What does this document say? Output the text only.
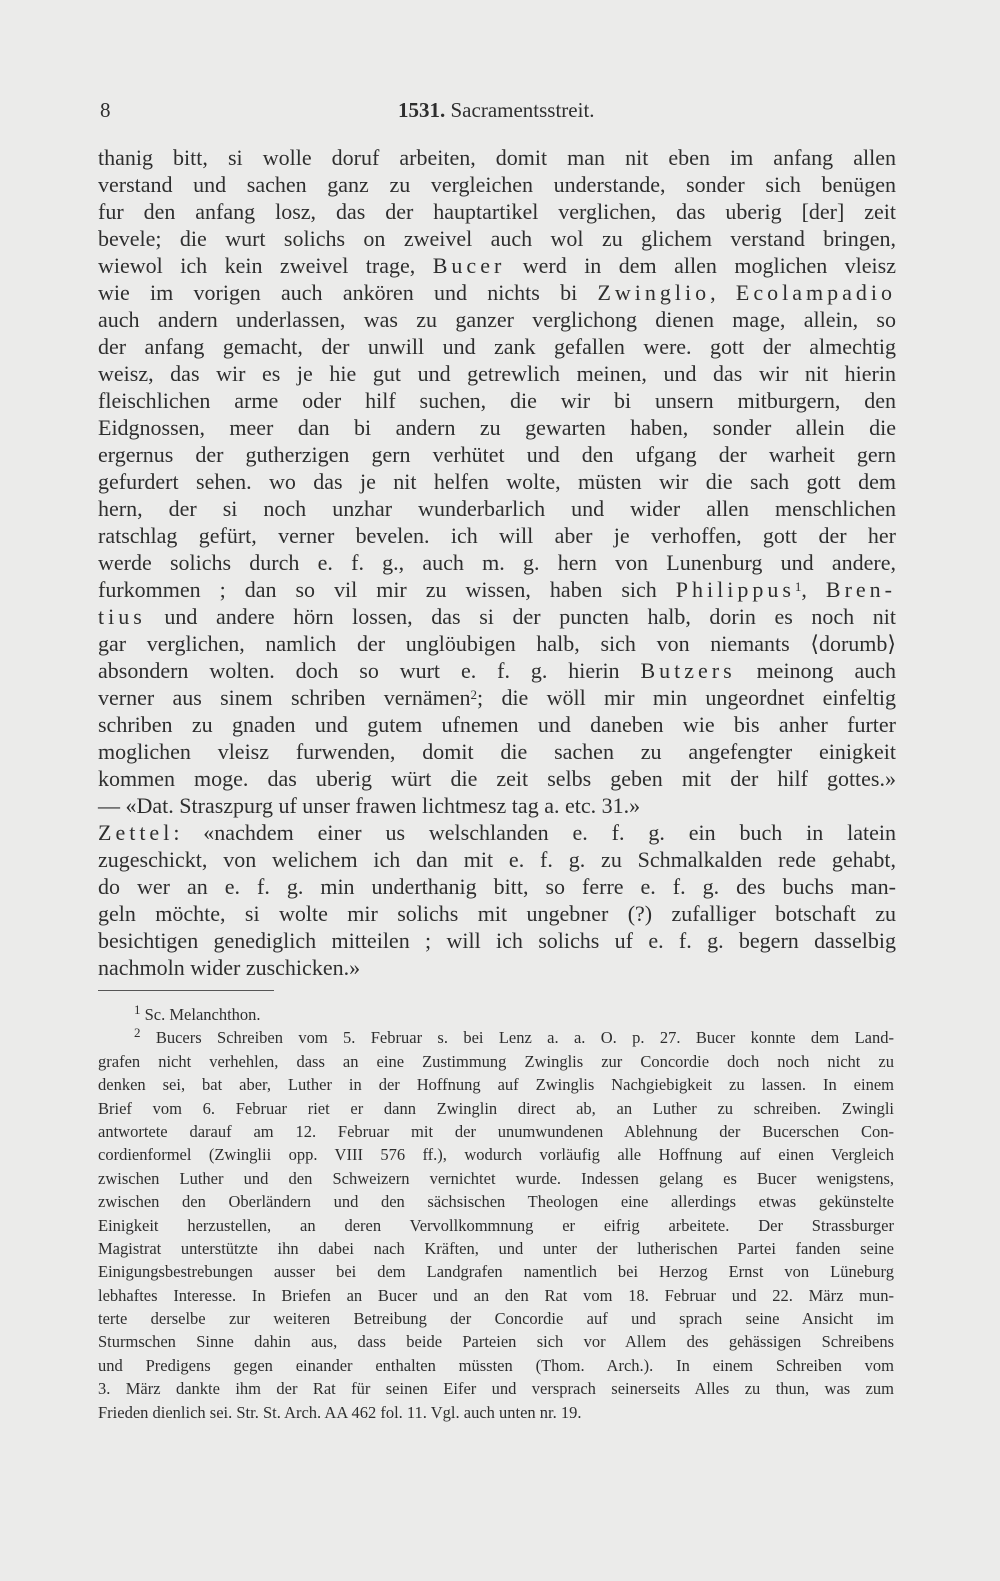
8	1531. Sacramentsstreit.
thanig bitt, si wolle doruf arbeiten, domit man nit eben im anfang allen
verstand und sachen ganz zu vergleichen understande, sonder sich benügen
fur den anfang losz, das der hauptartikel verglichen, das uberig [der] zeit
bevele; die wurt solichs on zweivel auch wol zu glichem verstand bringen,
wiewol ich kein zweivel trage, Bucer werd in dem allen moglichen vleisz
wie im vorigen auch ankören und nichts bi Zwinglio, Ecolampadio
auch andern underlassen, was zu ganzer verglichong dienen mage, allein, so
der anfang gemacht, der unwill und zank gefallen were. gott der almechtig
weisz, das wir es je hie gut und getrewlich meinen, und das wir nit hierin
fleischlichen arme oder hilf suchen, die wir bi unsern mitburgern, den
Eidgnossen, meer dan bi andern zu gewarten haben, sonder allein die
ergernus der gutherzigen gern verhütet und den ufgang der warheit gern
gefurdert sehen. wo das je nit helfen wolte, müsten wir die sach gott dem
hern, der si noch unzhar wunderbarlich und wider allen menschlichen
ratschlag gefürt, verner bevelen. ich will aber je verhoffen, gott der her
werde solichs durch e. f. g., auch m. g. hern von Lunenburg und andere,
furkommen ; dan so vil mir zu wissen, haben sich Philippus$^1$, Bren-
tius und andere hörn lossen, das si der puncten halb, dorin es noch nit
gar verglichen, namlich der unglöubigen halb, sich von niemants ⟨dorumb⟩
absondern wolten. doch so wurt e. f. g. hierin Butzers meinong auch
verner aus sinem schriben vernämen$^2$; die wöll mir min ungeordnet einfeltig
schriben zu gnaden und gutem ufnemen und daneben wie bis anher furter
moglichen vleisz furwenden, domit die sachen zu angefengter einigkeit
kommen moge. das uberig würt die zeit selbs geben mit der hilf gottes.»
— «Dat. Straszpurg uf unser frawen lichtmesz tag a. etc. 31.»
Zettel: «nachdem einer us welschlanden e. f. g. ein buch in latein
zugeschickt, von welichem ich dan mit e. f. g. zu Schmalkalden rede gehabt,
do wer an e. f. g. min underthanig bitt, so ferre e. f. g. des buchs man-
geln möchte, si wolte mir solichs mit ungebner (?) zufalliger botschaft zu
besichtigen genediglich mitteilen ; will ich solichs uf e. f. g. begern dasselbig
nachmoln wider zuschicken.»
$^1$ Sc. Melanchthon.
$^2$ Bucers Schreiben vom 5. Februar s. bei Lenz a. a. O. p. 27. Bucer konnte dem Land-
grafen nicht verhehlen, dass an eine Zustimmung Zwinglis zur Concordie doch noch nicht zu
denken sei, bat aber, Luther in der Hoffnung auf Zwinglis Nachgiebigkeit zu lassen. In einem
Brief vom 6. Februar riet er dann Zwinglin direct ab, an Luther zu schreiben. Zwingli
antwortete darauf am 12. Februar mit der unumwundenen Ablehnung der Bucerschen Con-
cordienformel (Zwinglii opp. VIII 576 ff.), wodurch vorläufig alle Hoffnung auf einen Vergleich
zwischen Luther und den Schweizern vernichtet wurde. Indessen gelang es Bucer wenigstens,
zwischen den Oberländern und den sächsischen Theologen eine allerdings etwas gekünstelte
Einigkeit herzustellen, an deren Vervollkommnung er eifrig arbeitete. Der Strassburger
Magistrat unterstützte ihn dabei nach Kräften, und unter der lutherischen Partei fanden seine
Einigungsbestrebungen ausser bei dem Landgrafen namentlich bei Herzog Ernst von Lüneburg
lebhaftes Interesse. In Briefen an Bucer und an den Rat vom 18. Februar und 22. März mun-
terte derselbe zur weiteren Betreibung der Concordie auf und sprach seine Ansicht im
Sturmschen Sinne dahin aus, dass beide Parteien sich vor Allem des gehässigen Schreibens
und Predigens gegen einander enthalten müssten (Thom. Arch.). In einem Schreiben vom
3. März dankte ihm der Rat für seinen Eifer und versprach seinerseits Alles zu thun, was zum
Frieden dienlich sei. Str. St. Arch. AA 462 fol. 11. Vgl. auch unten nr. 19.
